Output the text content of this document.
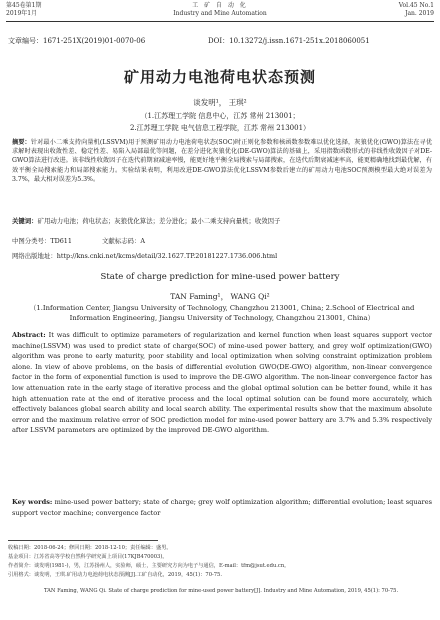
第45卷第1期
2019年1月
工 矿 自 动 化
Industry and Mine Automation
Vol.45 No.1
Jan. 2019
文章编号：1671-251X(2019)01-0070-06	DOI：10.13272/j.issn.1671-251x.2018060051
矿用动力电池荷电状态预测
谈发明¹， 王琪²
（1.江苏理工学院 信息中心，江苏 常州 213001；
2.江苏理工学院 电气信息工程学院，江苏 常州 213001）
摘要：针对最小二乘支持向量机(LSSVM)用于预测矿用动力电池荷电状态(SOC)时正则化参数和核函数参数难以优化选择，灰狼优化(GWO)算法在寻优求解时表现出收敛性差、稳定性差、易陷入局部最优等问题，在差分进化灰狼优化(DE-GWO)算法的基础上，采用指数函数形式的非线性收敛因子对DE-GWO算法进行改进。该非线性收敛因子在迭代前期衰减速率慢，能更好地平衡全局搜索与局部搜索，在迭代后期衰减速率高，能更精确地找到最优解，有效平衡全局搜索能力和局部搜索能力。实验结果表明，利用改进DE-GWO算法优化LSSVM参数后建立的矿用动力电池SOC预测模型最大绝对误差为3.7%，最大相对误差为5.3%。
关键词：矿用动力电池；荷电状态；灰狼优化算法；差分进化；最小二乘支持向量机；收敛因子
中图分类号：TD611	文献标志码：A
网络出版地址：http://kns.cnki.net/kcms/detail/32.1627.TP.20181227.1736.006.html
State of charge prediction for mine-used power battery
TAN Faming¹， WANG Qi²
（1.Information Center, Jiangsu University of Technology, Changzhou 213001, China; 2.School of Electrical and Information Engineering, Jiangsu University of Technology, Changzhou 213001, China）
Abstract: It was difficult to optimize parameters of regularization and kernel function when least squares support vector machine(LSSVM) was used to predict state of charge(SOC) of mine-used power battery, and grey wolf optimization(GWO) algorithm was prone to early maturity, poor stability and local optimization when solving constraint optimization problem alone. In view of above problems, on the basis of differential evolution GWO(DE-GWO) algorithm, non-linear convergence factor in the form of exponential function is used to improve the DE-GWO algorithm. The non-linear convergence factor has low attenuation rate in the early stage of iterative process and the global optimal solution can be better found, while it has high attenuation rate at the end of iterative process and the local optimal solution can be found more accurately, which effectively balances global search ability and local search ability. The experimental results show that the maximum absolute error and the maximum relative error of SOC prediction model for mine-used power battery are 3.7% and 5.3% respectively after LSSVM parameters are optimized by the improved DE-GWO algorithm.
Key words: mine-used power battery; state of charge; grey wolf optimization algorithm; differential evolution; least squares support vector machine; convergence factor
收稿日期：2018-06-24；修回日期：2018-12-10；责任编辑：盛男。
基金项目：江苏省高等学校自然科学研究面上项目(17KJB470003)。
作者简介：谈发明(1981-)，男，江苏扬州人，实验师，硕士，主要研究方向为电子与通信，E-mail：tfm@jsut.edu.cn。
引用格式：谈发明，王琪.矿用动力电池荷电状态预测[J].工矿自动化，2019，45(1)：70-75.
TAN Faming, WANG Qi. State of charge prediction for mine-used power battery[J]. Industry and Mine Automation, 2019, 45(1): 70-75.
